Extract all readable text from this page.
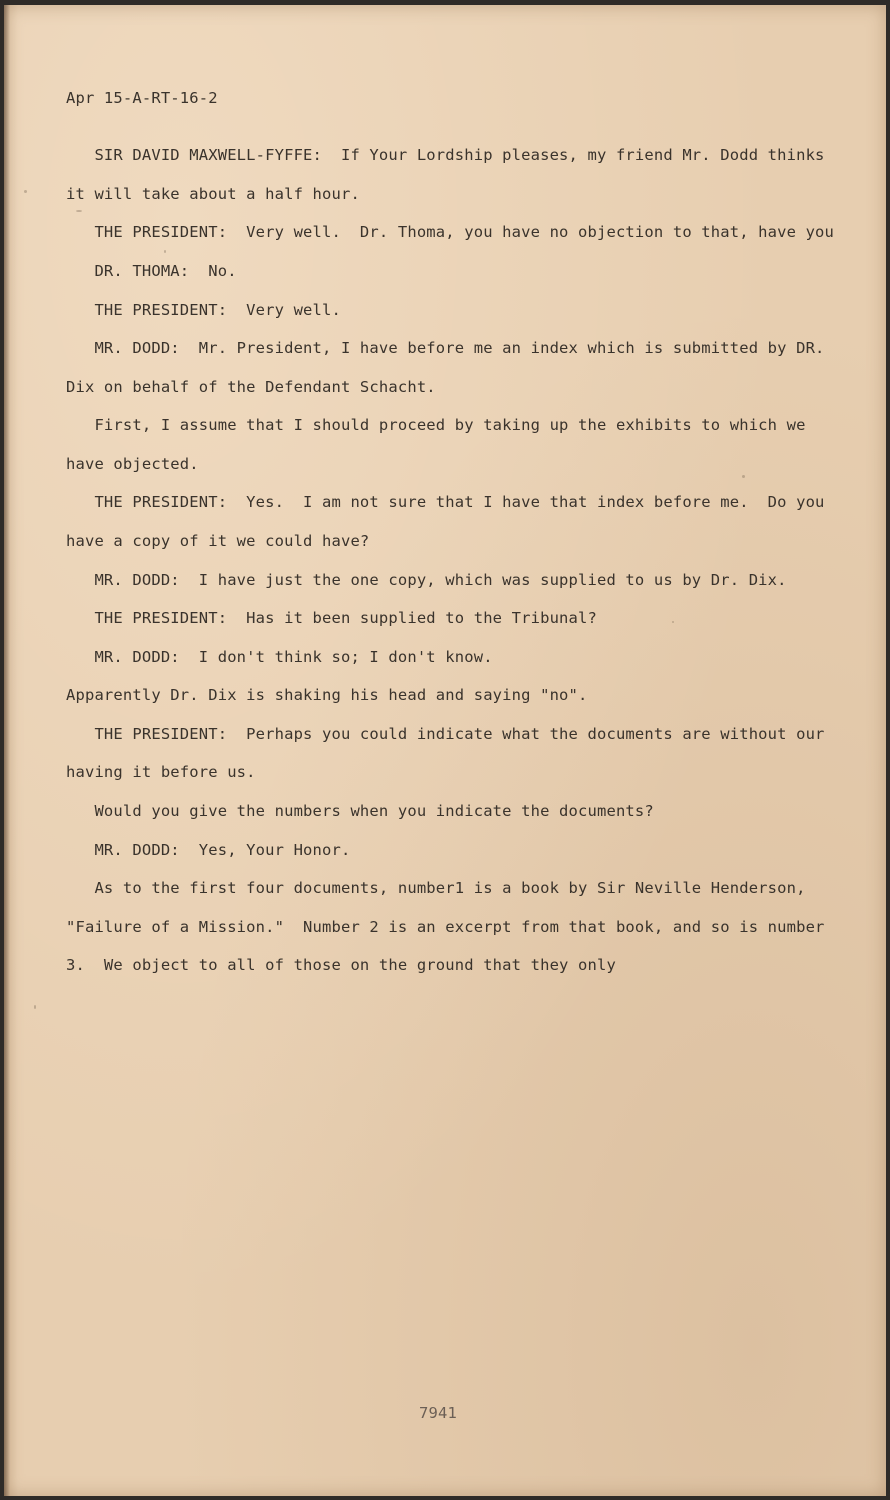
Apr 15-A-RT-16-2
SIR DAVID MAXWELL-FYFFE:  If Your Lordship pleases, my friend Mr. Dodd thinks
it will take about a half hour.
THE PRESIDENT:  Very well.  Dr. Thoma, you have no objection to that, have you
DR. THOMA:  No.
THE PRESIDENT:  Very well.
MR. DODD:  Mr. President, I have before me an index which is submitted by DR.
Dix on behalf of the Defendant Schacht.
First, I assume that I should proceed by taking up the exhibits to which we
have objected.
THE PRESIDENT:  Yes.  I am not sure that I have that index before me.  Do you
have a copy of it we could have?
MR. DODD:  I have just the one copy, which was supplied to us by Dr. Dix.
THE PRESIDENT:  Has it been supplied to the Tribunal?
MR. DODD:  I don't think so; I don't know.
Apparently Dr. Dix is shaking his head and saying "no".
THE PRESIDENT:  Perhaps you could indicate what the documents are without our
having it before us.
Would you give the numbers when you indicate the documents?
MR. DODD:  Yes, Your Honor.
As to the first four documents, number1 is a book by Sir Neville Henderson,
"Failure of a Mission."  Number 2 is an excerpt from that book, and so is number
3.  We object to all of those on the ground that they only
7941
